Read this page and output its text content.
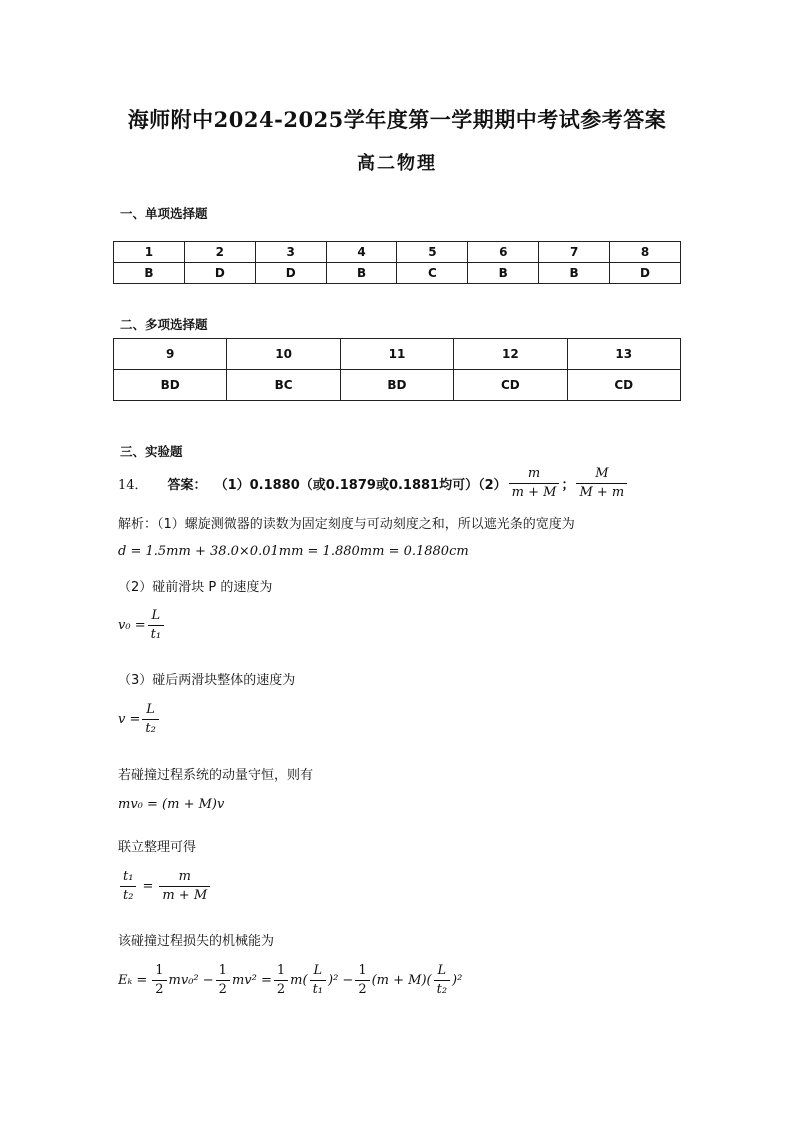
海师附中2024-2025学年度第一学期期中考试参考答案
高二物理
一、单项选择题
1	2	3	4	5	6	7	8
B	D	D	B	C	B	B	D
二、多项选择题
9	10	11	12	13
BD	BC	BD	CD	CD
三、实验题
14． 答案： （1）0.1880（或0.1879或0.1881均可）$(2) \frac{m}{m + M}$ ； $\frac{M}{M + m}$
解析：（1）螺旋测微器的读数为固定刻度与可动刻度之和，所以遮光条的宽度为
d = 1.5mm + 38.0×0.01mm = 1.880mm = 0.1880cm
（2）碰前滑块 P 的速度为
$v_0 = \frac{L}{\text{t₁}}$
（3）碰后两滑块整体的速度为
$v = \frac{L}{\text{t₂}}$
若碰撞过程系统的动量守恒，则有
mv₀ = (m + M)v
联立整理可得
$\frac{\text{t₁}}{\text{t₂}} = \frac{m}{m + M}$
该碰撞过程损失的机械能为
$E_k = \frac{1}{2} mv_0^2 - \frac{1}{2} mv^2 = \frac{1}{2} m( \frac{L}{\text{t₁}} )^2 - \frac{1}{2} (m + M)( \frac{L}{\text{t₂}} )^2$
